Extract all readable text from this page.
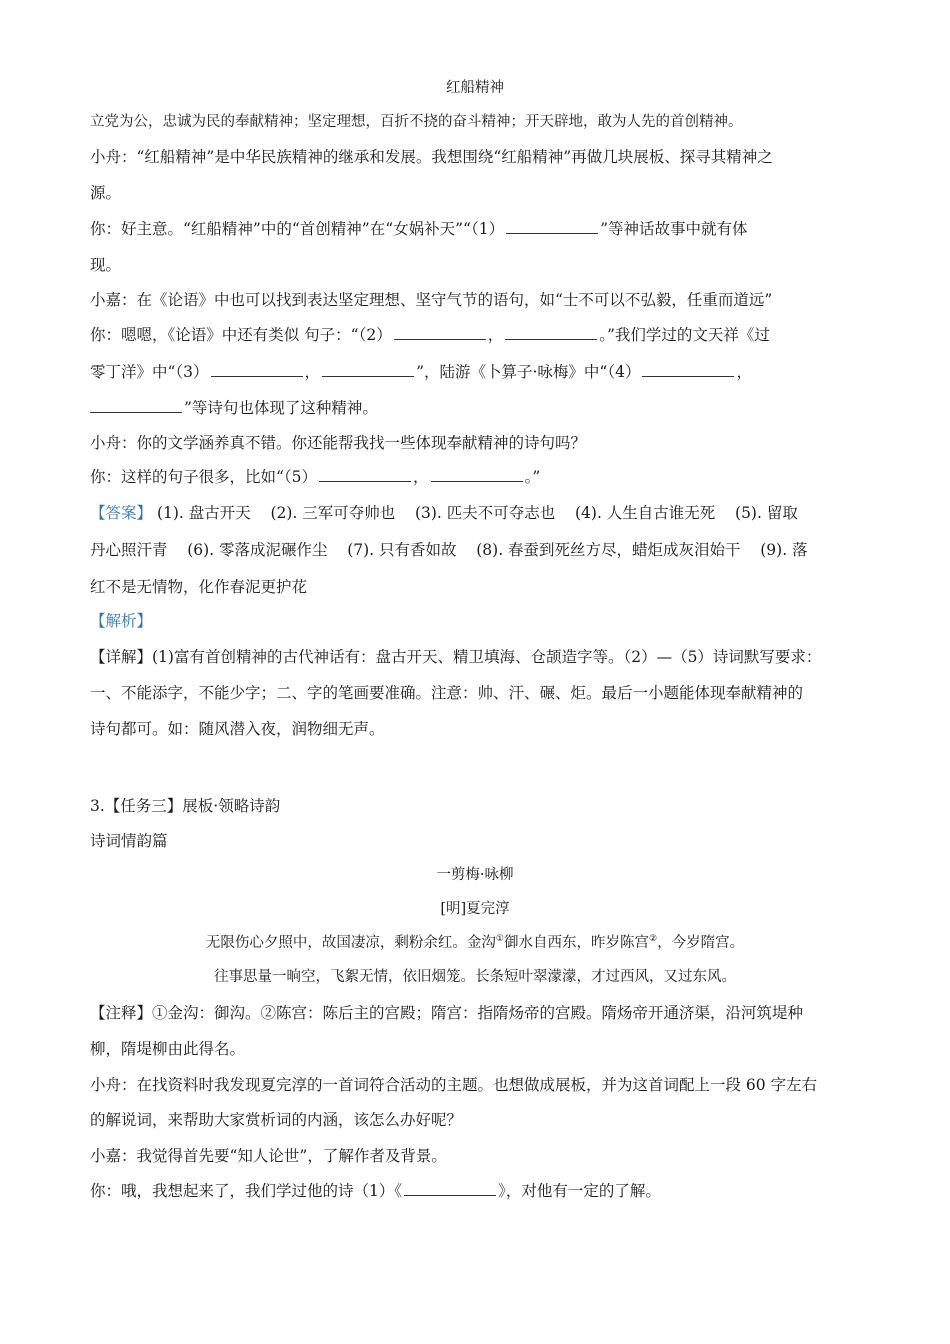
红船精神
立党为公，忠诚为民的奉献精神；坚定理想，百折不挠的奋斗精神；开天辟地，敢为人先的首创精神。
小舟：“红船精神”是中华民族精神的继承和发展。我想围绕“红船精神”再做几块展板、探寻其精神之
源。
你：好主意。“红船精神”中的“首创精神”在“女娲补天”“（1）	”等神话故事中就有体
现。
小嘉：在《论语》中也可以找到表达坚定理想、坚守气节的语句，如“士不可以不弘毅，任重而道远”
你：嗯嗯，《论语》中还有类似 句子：“（2）	，	。”我们学过的文天祥《过
零丁洋》中“（3）	，	”，陆游《卜算子·咏梅》中“（4）	，
”等诗句也体现了这种精神。
小舟：你的文学涵养真不错。你还能帮我找一些体现奉献精神的诗句吗？
你：这样的句子很多，比如“（5）	，	。”
【答案】 (1). 盘古开天    (2). 三军可夺帅也    (3). 匹夫不可夺志也    (4). 人生自古谁无死    (5). 留取
丹心照汗青    (6). 零落成泥碾作尘    (7). 只有香如故    (8). 春蚕到死丝方尽，蜡炬成灰泪始干    (9). 落
红不是无情物，化作春泥更护花
【解析】
【详解】(1)富有首创精神的古代神话有：盘古开天、精卫填海、仓颉造字等。（2）—（5）诗词默写要求：
一、不能添字，不能少字；二、字的笔画要准确。注意：帅、汗、碾、炬。最后一小题能体现奉献精神的
诗句都可。如：随风潜入夜，润物细无声。
3.【任务三】展板·领略诗韵
诗词情韵篇
一剪梅·咏柳
[明]夏完淳
无限伤心夕照中，故国凄凉，剩粉余红。金沟①御水自西东，昨岁陈宫②，今岁隋宫。
往事思量一晌空，飞絮无情，依旧烟笼。长条短叶翠濛濛，才过西风，又过东风。
【注释】①金沟：御沟。②陈宫：陈后主的宫殿；隋宫：指隋炀帝的宫殿。隋炀帝开通济渠，沿河筑堤种
柳，隋堤柳由此得名。
小舟：在找资料时我发现夏完淳的一首词符合活动的主题。也想做成展板，并为这首词配上一段 60 字左右
的解说词，来帮助大家赏析词的内涵，该怎么办好呢？
小嘉：我觉得首先要“知人论世”，了解作者及背景。
你：哦，我想起来了，我们学过他的诗（1）《	》，对他有一定的了解。
